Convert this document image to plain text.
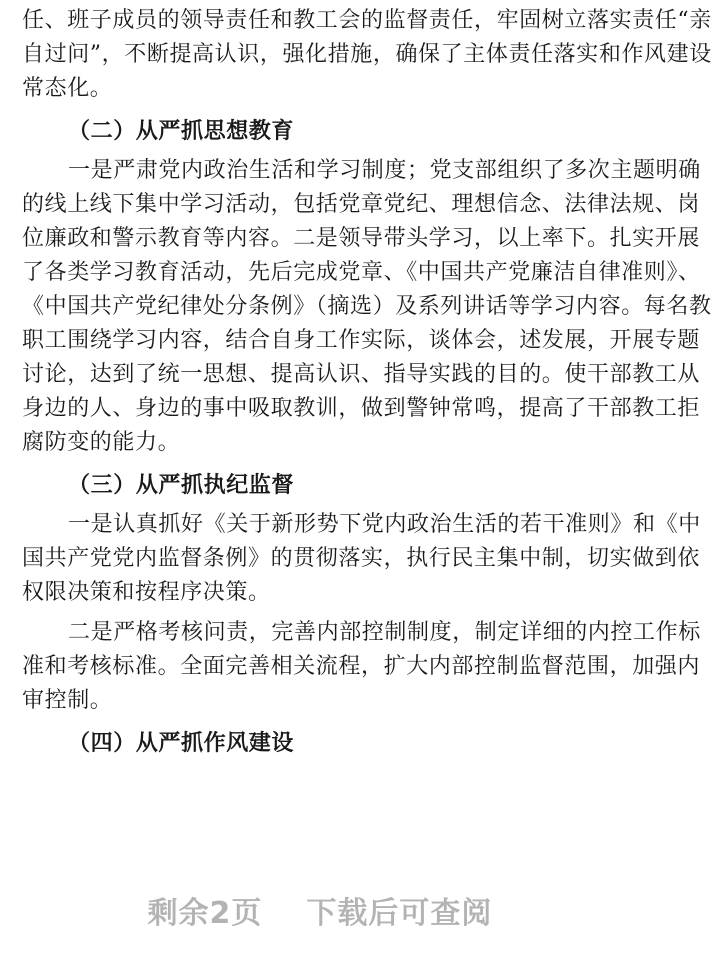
任、班子成员的领导责任和教工会的监督责任，牢固树立落实责任“亲
自过问”，不断提高认识，强化措施，确保了主体责任落实和作风建设
常态化。
（二）从严抓思想教育
一是严肃党内政治生活和学习制度；党支部组织了多次主题明确
的线上线下集中学习活动，包括党章党纪、理想信念、法律法规、岗
位廉政和警示教育等内容。二是领导带头学习，以上率下。扎实开展
了各类学习教育活动，先后完成党章、《中国共产党廉洁自律准则》、
《中国共产党纪律处分条例》（摘选）及系列讲话等学习内容。每名教
职工围绕学习内容，结合自身工作实际，谈体会，述发展，开展专题
讨论，达到了统一思想、提高认识、指导实践的目的。使干部教工从
身边的人、身边的事中吸取教训，做到警钟常鸣，提高了干部教工拒
腐防变的能力。
（三）从严抓执纪监督
一是认真抓好《关于新形势下党内政治生活的若干准则》和《中
国共产党党内监督条例》的贯彻落实，执行民主集中制，切实做到依
权限决策和按程序决策。
二是严格考核问责，完善内部控制制度，制定详细的内控工作标
准和考核标准。全面完善相关流程，扩大内部控制监督范围，加强内
审控制。
（四）从严抓作风建设
剩余2页 下载后可查阅
